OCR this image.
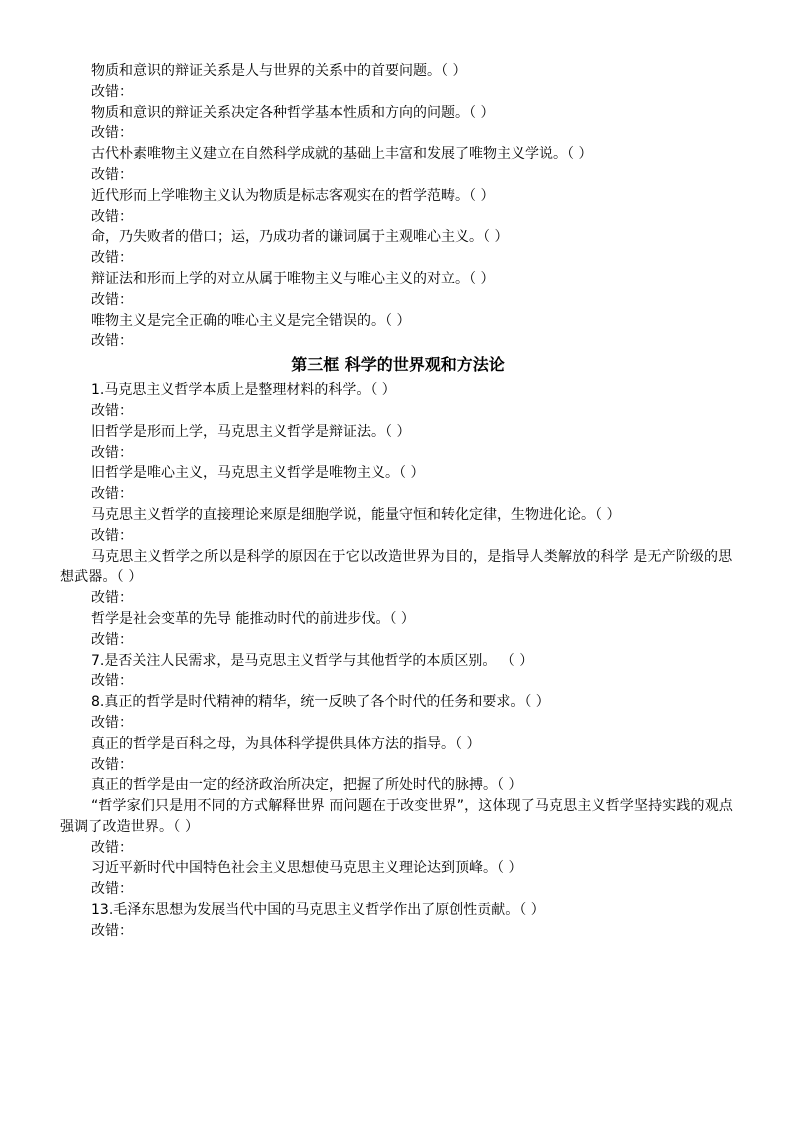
物质和意识的辩证关系是人与世界的关系中的首要问题。（ ）
改错：
物质和意识的辩证关系决定各种哲学基本性质和方向的问题。（ ）
改错：
古代朴素唯物主义建立在自然科学成就的基础上丰富和发展了唯物主义学说。（ ）
改错：
近代形而上学唯物主义认为物质是标志客观实在的哲学范畴。（ ）
改错：
命，乃失败者的借口；运，乃成功者的谦词属于主观唯心主义。（ ）
改错：
辩证法和形而上学的对立从属于唯物主义与唯心主义的对立。（ ）
改错：
唯物主义是完全正确的唯心主义是完全错误的。（ ）
改错：
第三框 科学的世界观和方法论
1.马克思主义哲学本质上是整理材料的科学。（ ）
改错：
旧哲学是形而上学，马克思主义哲学是辩证法。（ ）
改错：
旧哲学是唯心主义，马克思主义哲学是唯物主义。（ ）
改错：
马克思主义哲学的直接理论来原是细胞学说，能量守恒和转化定律，生物进化论。（ ）
改错：
马克思主义哲学之所以是科学的原因在于它以改造世界为目的，是指导人类解放的科学 是无产阶级的思想武器。（ ）
改错：
哲学是社会变革的先导 能推动时代的前进步伐。（ ）
改错：
7.是否关注人民需求，是马克思主义哲学与其他哲学的本质区别。 （ ）
改错：
8.真正的哲学是时代精神的精华，统一反映了各个时代的任务和要求。（ ）
改错：
真正的哲学是百科之母，为具体科学提供具体方法的指导。（ ）
改错：
真正的哲学是由一定的经济政治所决定，把握了所处时代的脉搏。（ ）
“哲学家们只是用不同的方式解释世界 而问题在于改变世界”，这体现了马克思主义哲学坚持实践的观点强调了改造世界。（ ）
改错：
习近平新时代中国特色社会主义思想使马克思主义理论达到顶峰。（ ）
改错：
13.毛泽东思想为发展当代中国的马克思主义哲学作出了原创性贡献。（ ）
改错：
